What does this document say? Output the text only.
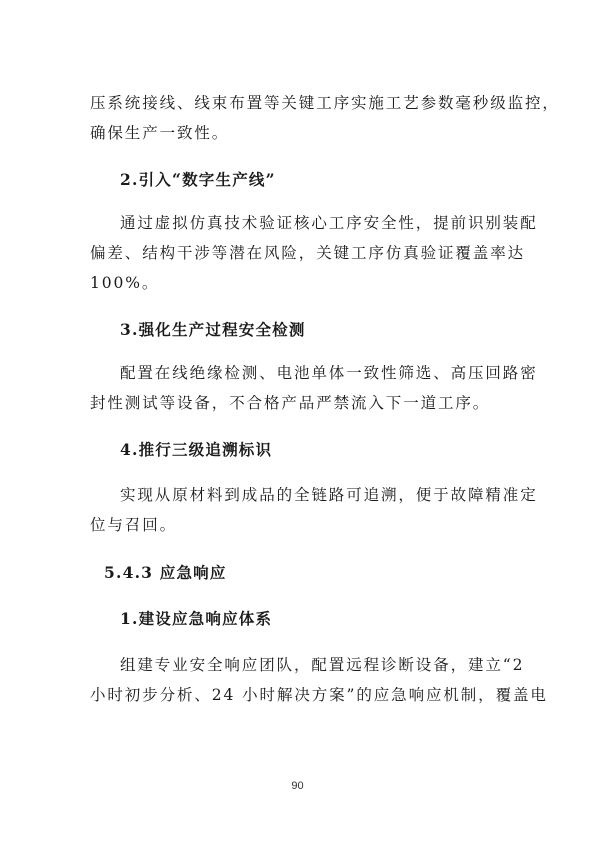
压系统接线、线束布置等关键工序实施工艺参数毫秒级监控，
确保生产一致性。
2.引入“数字生产线”
通过虚拟仿真技术验证核心工序安全性，提前识别装配
偏差、结构干涉等潜在风险，关键工序仿真验证覆盖率达
100%。
3.强化生产过程安全检测
配置在线绝缘检测、电池单体一致性筛选、高压回路密
封性测试等设备，不合格产品严禁流入下一道工序。
4.推行三级追溯标识
实现从原材料到成品的全链路可追溯，便于故障精准定
位与召回。
5.4.3 应急响应
1.建设应急响应体系
组建专业安全响应团队，配置远程诊断设备，建立“2
小时初步分析、24 小时解决方案”的应急响应机制，覆盖电
90
